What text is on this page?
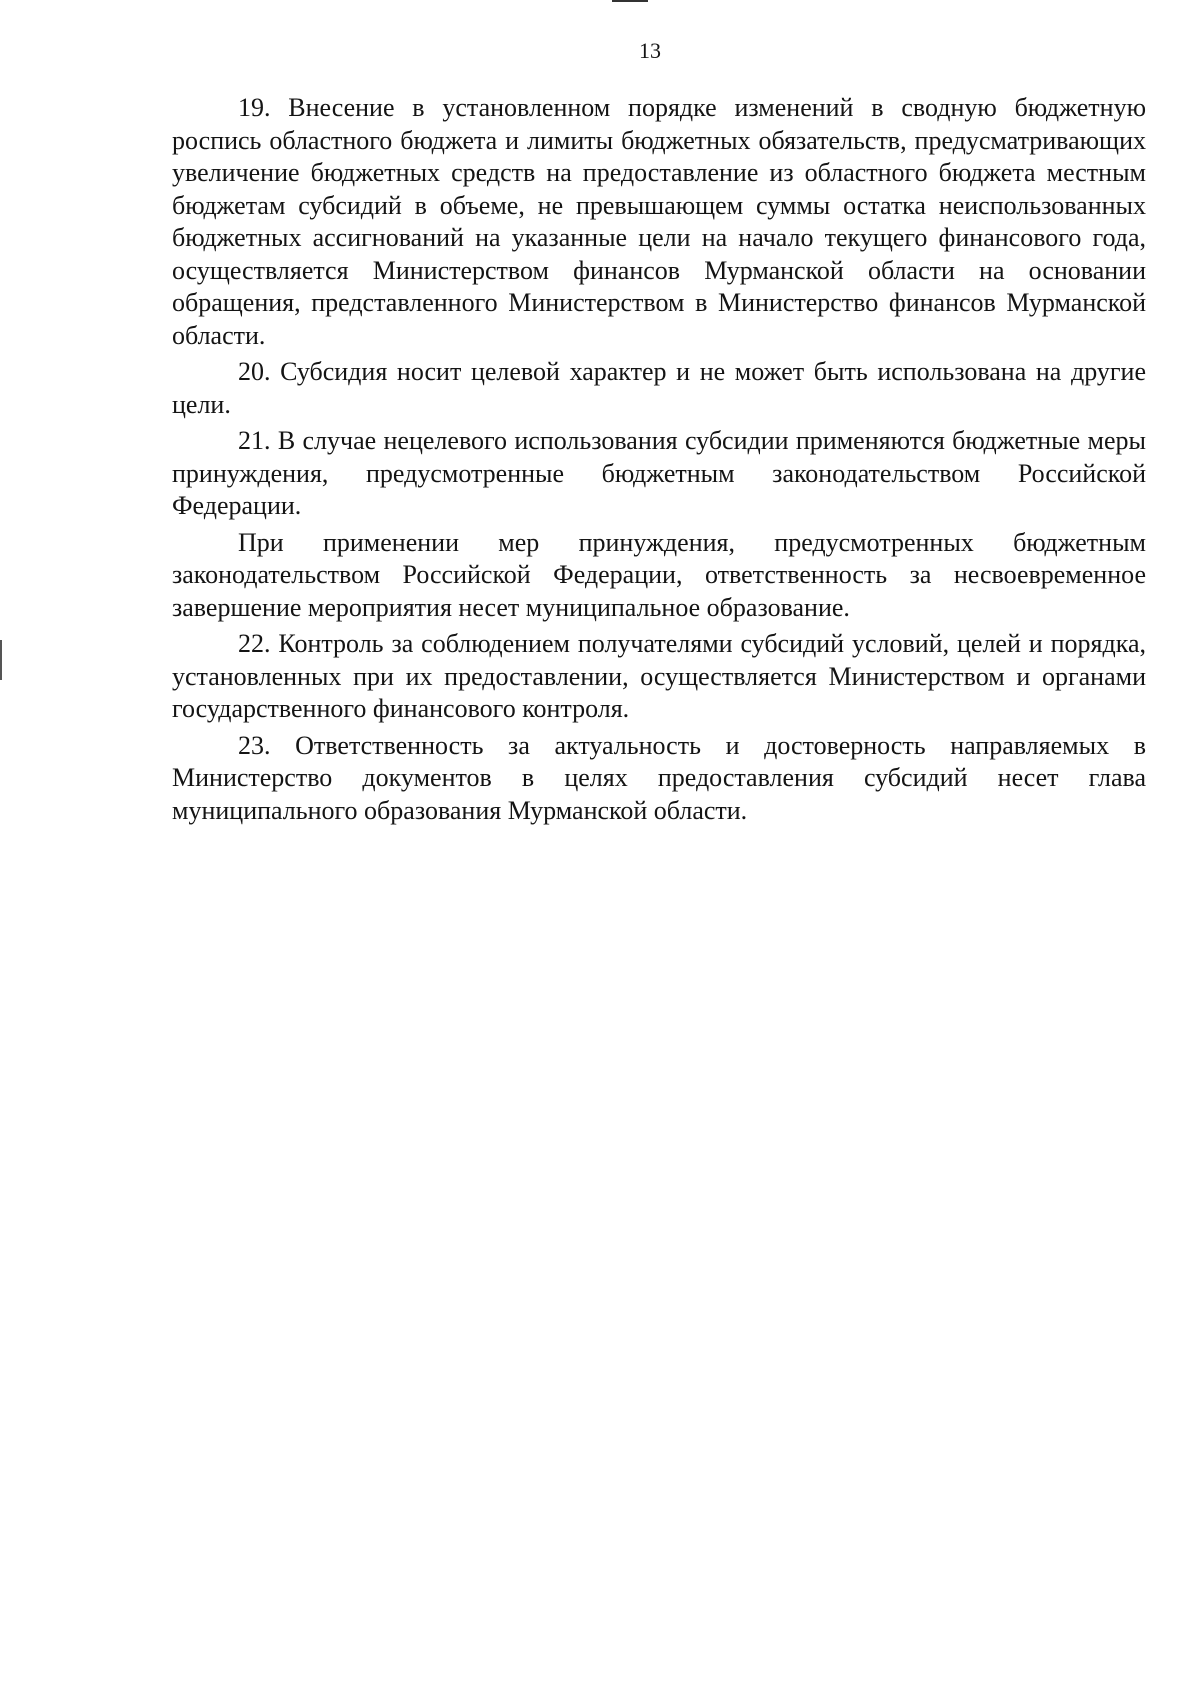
13

19. Внесение в установленном порядке изменений в сводную бюджетную роспись областного бюджета и лимиты бюджетных обязательств, предусматривающих увеличение бюджетных средств на предоставление из областного бюджета местным бюджетам субсидий в объеме, не превышающем суммы остатка неиспользованных бюджетных ассигнований на указанные цели на начало текущего финансового года, осуществляется Министерством финансов Мурманской области на основании обращения, представленного Министерством в Министерство финансов Мурманской области.

20. Субсидия носит целевой характер и не может быть использована на другие цели.

21. В случае нецелевого использования субсидии применяются бюджетные меры принуждения, предусмотренные бюджетным законодательством Российской Федерации.

При применении мер принуждения, предусмотренных бюджетным законодательством Российской Федерации, ответственность за несвоевременное завершение мероприятия несет муниципальное образование.

22. Контроль за соблюдением получателями субсидий условий, целей и порядка, установленных при их предоставлении, осуществляется Министерством и органами государственного финансового контроля.

23. Ответственность за актуальность и достоверность направляемых в Министерство документов в целях предоставления субсидий несет глава муниципального образования Мурманской области.
